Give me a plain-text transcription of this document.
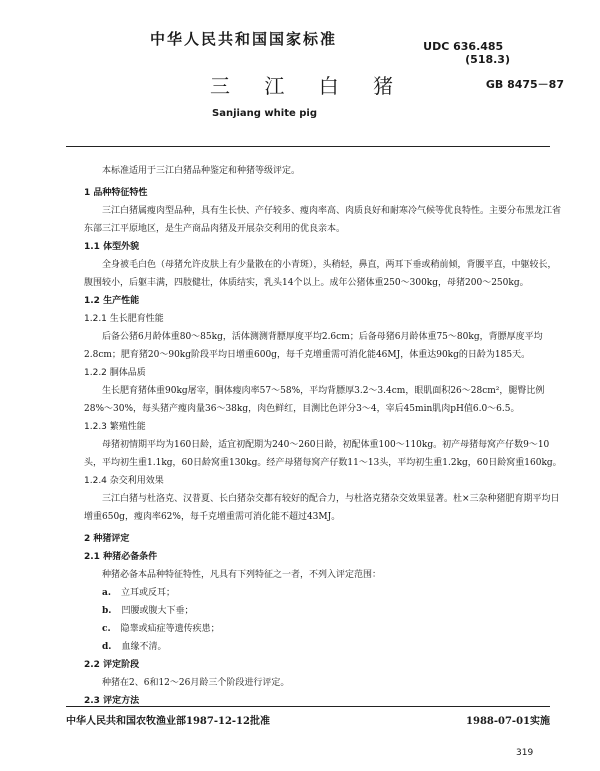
中华人民共和国国家标准	UDC 636.485
(518.3)
GB 8475－87
三 江 白 猪
Sanjiang white pig

本标准适用于三江白猪品种鉴定和种猪等级评定。

1 品种特征特性

三江白猪属瘦肉型品种，具有生长快、产仔较多、瘦肉率高、肉质良好和耐寒冷气候等优良特性。主要分布黑龙江省东部三江平原地区，是生产商品肉猪及开展杂交利用的优良亲本。

1.1 体型外貌

全身被毛白色（母猪允许皮肤上有少量散在的小青斑），头稍轻，鼻直，两耳下垂或稍前倾，背腰平直，中躯较长，腹围较小，后躯丰满，四肢健壮，体质结实，乳头14个以上。成年公猪体重250～300kg，母猪200～250kg。

1.2 生产性能

1.2.1 生长肥育性能

后备公猪6月龄体重80～85kg，活体测测背膘厚度平均2.6cm；后备母猪6月龄体重75～80kg，背膘厚度平均2.8cm；肥育猪20～90kg阶段平均日增重600g，每千克增重需可消化能46MJ，体重达90kg的日龄为185天。

1.2.2 胴体品质

生长肥育猪体重90kg屠宰，胴体瘦肉率57～58%，平均背膘厚3.2～3.4cm，眼肌面积26～28cm²，腿臀比例28%～30%，每头猪产瘦肉量36～38kg，肉色鲜红，目测比色评分3～4，宰后45min肌肉pH值6.0～6.5。

1.2.3 繁殖性能

母猪初情期平均为160日龄，适宜初配期为240～260日龄，初配体重100～110kg。初产母猪每窝产仔数9～10头，平均初生重1.1kg，60日龄窝重130kg。经产母猪每窝产仔数11～13头，平均初生重1.2kg，60日龄窝重160kg。

1.2.4 杂交利用效果

三江白猪与杜洛克、汉普夏、长白猪杂交都有较好的配合力，与杜洛克猪杂交效果显著。杜×三杂种猪肥育期平均日增重650g，瘦肉率62%，每千克增重需可消化能不超过43MJ。

2 种猪评定

2.1 种猪必备条件

种猪必备本品种特征特性，凡具有下列特征之一者，不列入评定范围：

a. 立耳或反耳；

b. 凹腰或腹大下垂；

c. 隐睾或疝症等遗传疾患；

d. 血缘不清。

2.2 评定阶段

种猪在2、6和12～26月龄三个阶段进行评定。

2.3 评定方法

中华人民共和国农牧渔业部1987-12-12批准	1988-07-01实施
319
